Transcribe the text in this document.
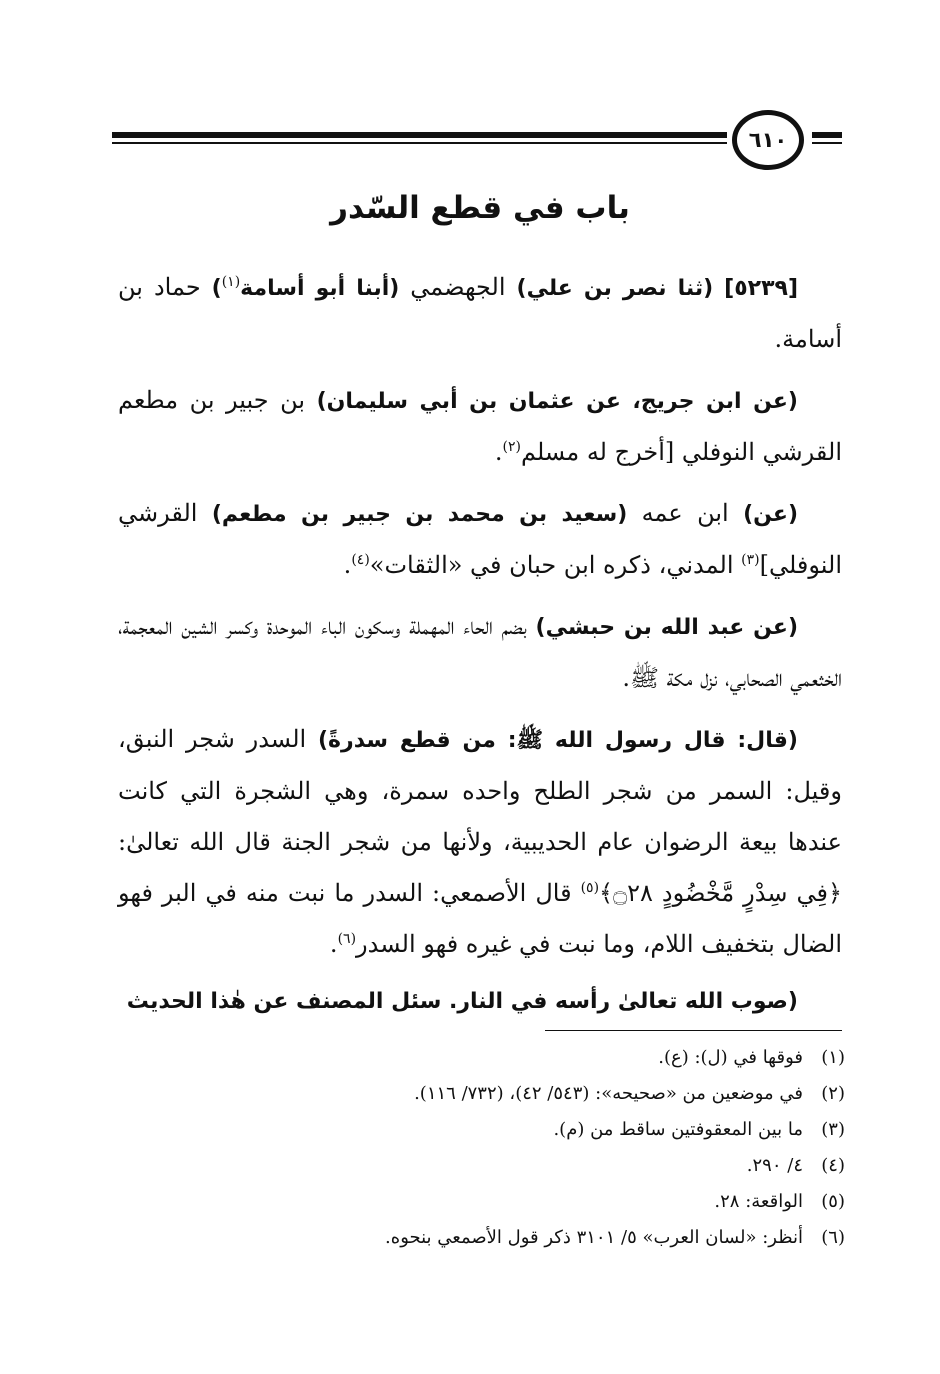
٦١٠
باب في قطع السّدر

[٥٢٣٩] (ثنا نصر بن علي) الجهضمي (أبنا أبو أسامة$^{(١)}$) حماد بن أسامة.

(عن ابن جريج، عن عثمان بن أبي سليمان) بن جبير بن مطعم القرشي النوفلي [أخرج له مسلم$^{(٢)}$.

(عن) ابن عمه (سعيد بن محمد بن جبير بن مطعم) القرشي النوفلي]$^{(٣)}$ المدني، ذكره ابن حبان في «الثقات»$^{(٤)}$.

(عن عبد الله بن حبشي) بضم الحاء المهملة وسكون الباء الموحدة وكسر الشين المعجمة، الخثعمي الصحابي، نزل مكة ﷺ.

(قال: قال رسول الله ﷺ: من قطع سدرةً) السدر شجر النبق، وقيل: السمر من شجر الطلح واحده سمرة، وهي الشجرة التي كانت عندها بيعة الرضوان عام الحديبية، ولأنها من شجر الجنة قال الله تعالىٰ: ﴿فِي سِدْرٍ مَّخْضُودٍ ۝٢٨﴾$^{(٥)}$ قال الأصمعي: السدر ما نبت منه في البر فهو الضال بتخفيف اللام، وما نبت في غيره فهو السدر$^{(٦)}$.

(صوب الله تعالىٰ رأسه في النار. سئل المصنف عن هٰذا الحديث

(١)
فوقها في (ل): (ع).
(٢)
في موضعين من «صحيحه»: (٥٤٣/ ٤٢)، (٧٣٢/ ١١٦).
(٣)
ما بين المعقوفتين ساقط من (م).
(٤)
٤/ ٢٩٠.
(٥)
الواقعة: ٢٨.
(٦)
أنظر: «لسان العرب» ٥/ ٣١٠١ ذكر قول الأصمعي بنحوه.
